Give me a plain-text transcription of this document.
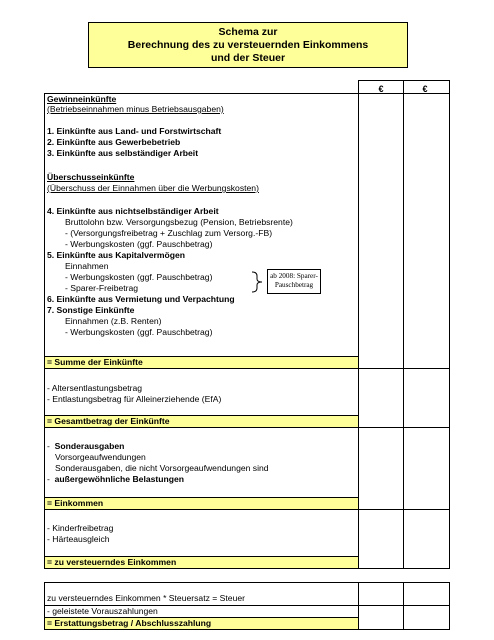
Schema zur
Berechnung des zu versteuernden Einkommens
und der Steuer
€	€
Gewinneinkünfte
(Betriebseinnahmen minus Betriebsausgaben)
1. Einkünfte aus Land- und Forstwirtschaft
2. Einkünfte aus Gewerbebetrieb
3. Einkünfte aus selbständiger Arbeit
Überschusseinkünfte
(Überschuss der Einnahmen über die Werbungskosten)
4. Einkünfte aus nichtselbständiger Arbeit
Bruttolohn bzw. Versorgungsbezug (Pension, Betriebsrente)
- (Versorgungsfreibetrag + Zuschlag zum Versorg.-FB)
- Werbungskosten (ggf. Pauschbetrag)
5. Einkünfte aus Kapitalvermögen
Einnahmen
- Werbungskosten (ggf. Pauschbetrag)
- Sparer-Freibetrag
ab 2008: Sparer-Pauschbetrag
6. Einkünfte aus Vermietung und Verpachtung
7. Sonstige Einkünfte
Einnahmen (z.B. Renten)
- Werbungskosten (ggf. Pauschbetrag)
= Summe der Einkünfte
- Altersentlastungsbetrag
- Entlastungsbetrag für Alleinerziehende (EfA)
= Gesamtbetrag der Einkünfte
-  Sonderausgaben
Vorsorgeaufwendungen
Sonderausgaben, die nicht Vorsorgeaufwendungen sind
-  außergewöhnliche Belastungen
= Einkommen
- Kinderfreibetrag
- Härteausgleich
= zu versteuerndes Einkommen
zu versteuerndes Einkommen * Steuersatz = Steuer
- geleistete Vorauszahlungen
= Erstattungsbetrag / Abschlusszahlung
